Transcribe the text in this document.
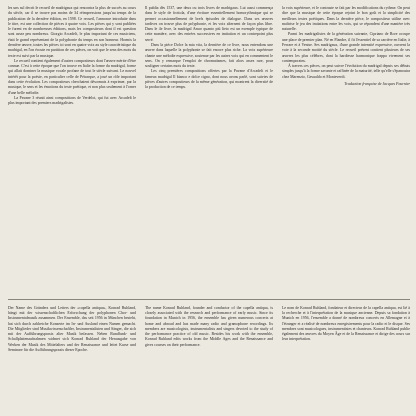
les uns sul decrit le recueil de madrigaux qui rencontra la plus de succès au cours du siècle, car il se trouve pas moins de 34 réimpressions jusqu'au temps de la publication de la dernière édition, en 1598. Ce recueil, l'annonce introduite dans le titre, est une collection de pièces à quatre voix. Les pièces qui y sont publiées le furent en de nombreuses éditions, mais les compositeurs dont il est question sont assez peu nombreux. Giorgio Arcadelt, le plus important de ces musiciens, était le grand représentant de la polyphonie du temps en son honneur. Hormis la dernière œuvre, toutes les pièces ici sont en quatre voix au style caractéristique du madrigal, en l'on écoute en partition de ces pièces, on voit que le sens des mots du texte est suivi par la musique.

Le recueil contient également d'autres compositeurs dont l'œuvre mérite d'être connue. C'est à cette époque que l'on trouve en Italie la forme du madrigal, forme qui allait dominer la musique vocale profane de tout le siècle suivant. Le nouvel intérêt pour la poésie, en particulier celle de Pétrarque, a joué un rôle important dans cette évolution. Les compositeurs cherchaient désormais à exprimer, par la musique, le sens et les émotions du texte poétique, et non plus seulement à l'orner d'une belle mélodie.

La Pavane 3 réunit ainsi compositions de Verdelot, qui fut avec Arcadelt le plus important des premiers madrigalistes.

Il publia dès 1537, une deux ou trois livres de madrigaux. Lui aussi commença dans le style de frottola, d'une écriture essentiellement homorythmique qui se permet occasionnellement de brefs épisodes de dialogue. Dans ses œuvres tardives on trouve plus de polyphonie, et les voix alternent de façon plus libre. Dans le 4e livre, la madrigal Amor quanto più lieto est un exemple typique de cette manière, avec des entrées successives en imitation et un contrepoint plus serré.

Dans la pièce Dolce la mia vita, la dernière de ce livre, nous entendons une œuvre dans laquelle la polyphonie se fait encore plus riche. La voix supérieure chante une mélodie expressive, soutenue par les autres voix qui en commentent le sens. On y remarque l'emploi de chromatismes, fait alors assez rare, pour souligner certains mots du texte.

Les cinq premières compositions offertes par la Pavane d'Arcadelt et le fameux madrigal Il bianco e dolce cigno, dont nous avons parlé, sont suivies de pièces d'autres compositeurs de la même génération, qui montrent la diversité de la production de ce temps.

la voix supérieure, et le contraste se fait par les modifications du rythme. On peut dire que la musique de cette époque rejoint le bon goût et la simplicité des meilleurs textes poétiques. Dans la dernière pièce, le compositeur utilise avec maîtrise le jeu des imitations entre les voix, qui se répondent d'une manière très naturelle.

Parmi les madrigalistes de la génération suivante, Cipriano de Rore occupe une place de premier plan. Né en Flandre, il fit l'essentiel de sa carrière en Italie, à Ferrare et à Venise. Ses madrigaux, d'une grande intensité expressive, ouvrent la voie à la seconde moitié du siècle. Le recueil présent contient plusieurs de ses œuvres les plus célèbres, dont la hardiesse harmonique frappa vivement ses contemporains.

À travers ces pièces, on peut suivre l'évolution du madrigal depuis ses débuts simples jusqu'à la forme savante et raffinée de la maturité, telle qu'elle s'épanouira chez Marenzio, Gesualdo et Monteverdi.

Traduction française de Jacques Fournier

Der Name des Gründers und Leiters der «capella antiqua», Konrad Ruhland, hängt mit der wissenschaftlichen Erforschung der polyphonen Chor- und Instrumentalmusik zusammen. Der Ensemble, das seit 1956 in München besteht, hat sich durch zahlreiche Konzerte im In- und Ausland einen Namen gemacht. Die Mitglieder sind Musikwissenschaftler, Instrumentalisten und Sänger, die sich mit der Aufführungspraxis alter Musik befassen. Neben Rundfunk- und Schallplattenaufnahmen widmet sich Konrad Ruhland der Herausgabe von Werken der Musik des Mittelalters und der Renaissance und leitet Kurse und Seminare für die Aufführungspraxis dieser Epoche.

The name Konrad Ruhland, founder and conductor of the capella antiqua, is closely associated with the research and performance of early music. Since its foundation in Munich in 1956, the ensemble has given numerous concerts at home and abroad and has made many radio and gramophone recordings. Its members are musicologists, instrumentalists and singers devoted to the study of the performance practice of old music. Besides his work with the ensemble, Konrad Ruhland edits works from the Middle Ages and the Renaissance and gives courses on their performance.

Le nom de Konrad Ruhland, fondateur et directeur de la capella antiqua, est lié à la recherche et à l'interprétation de la musique ancienne. Depuis sa fondation à Munich en 1956, l'ensemble a donné de nombreux concerts en Allemagne et à l'étranger et a réalisé de nombreux enregistrements pour la radio et le disque. Ses membres sont musicologues, instrumentistes et chanteurs. Konrad Ruhland publie également des œuvres du Moyen Âge et de la Renaissance et dirige des cours sur leur interprétation.
